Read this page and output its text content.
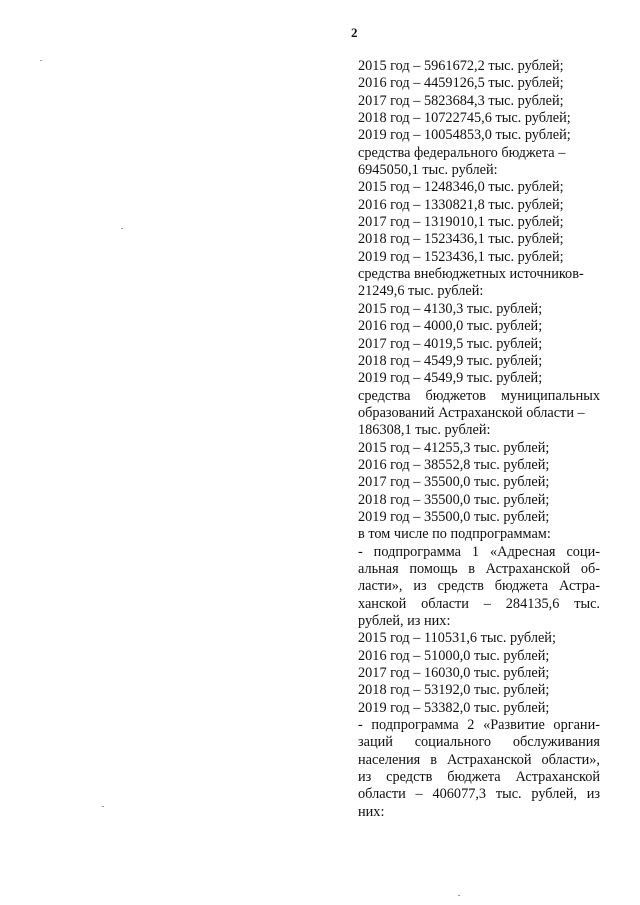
2
2015 год – 5961672,2 тыс. рублей;
2016 год – 4459126,5 тыс. рублей;
2017 год – 5823684,3 тыс. рублей;
2018 год – 10722745,6 тыс. рублей;
2019 год – 10054853,0 тыс. рублей;
средства федерального бюджета –
6945050,1 тыс. рублей:
2015 год – 1248346,0 тыс. рублей;
2016 год – 1330821,8 тыс. рублей;
2017 год – 1319010,1 тыс. рублей;
2018 год – 1523436,1 тыс. рублей;
2019 год – 1523436,1 тыс. рублей;
средства внебюджетных источников-
21249,6 тыс. рублей:
2015 год – 4130,3 тыс. рублей;
2016 год – 4000,0 тыс. рублей;
2017 год – 4019,5 тыс. рублей;
2018 год – 4549,9 тыс. рублей;
2019 год – 4549,9 тыс. рублей;
средства бюджетов муниципальных
образований Астраханской области –
186308,1 тыс. рублей:
2015 год – 41255,3 тыс. рублей;
2016 год – 38552,8 тыс. рублей;
2017 год – 35500,0 тыс. рублей;
2018 год – 35500,0 тыс. рублей;
2019 год – 35500,0 тыс. рублей;
в том числе по подпрограммам:
- подпрограмма 1 «Адресная соци-
альная помощь в Астраханской об-
ласти», из средств бюджета Астра-
ханской области – 284135,6 тыс.
рублей, из них:
2015 год – 110531,6 тыс. рублей;
2016 год – 51000,0 тыс. рублей;
2017 год – 16030,0 тыс. рублей;
2018 год – 53192,0 тыс. рублей;
2019 год – 53382,0 тыс. рублей;
- подпрограмма 2 «Развитие органи-
заций социального обслуживания
населения в Астраханской области»,
из средств бюджета Астраханской
области – 406077,3 тыс. рублей, из
них:
